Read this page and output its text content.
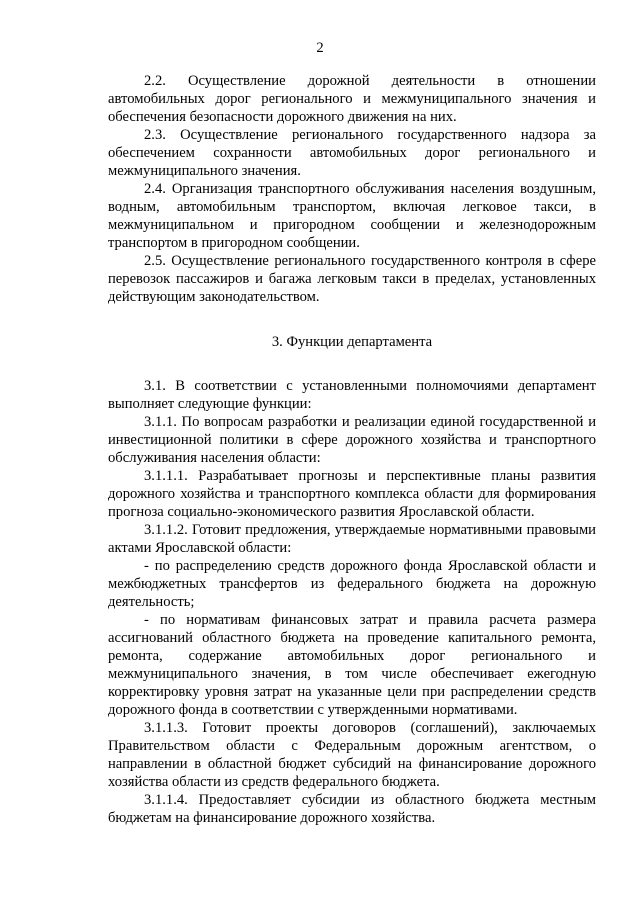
2

2.2. Осуществление дорожной деятельности в отношении автомобильных дорог регионального и межмуниципального значения и обеспечения безопасности дорожного движения на них.

2.3. Осуществление регионального государственного надзора за обеспечением сохранности автомобильных дорог регионального и межмуниципального значения.

2.4. Организация транспортного обслуживания населения воздушным, водным, автомобильным транспортом, включая легковое такси, в межмуниципальном и пригородном сообщении и железнодорожным транспортом в пригородном сообщении.

2.5. Осуществление регионального государственного контроля в сфере перевозок пассажиров и багажа легковым такси в пределах, установленных действующим законодательством.

3. Функции департамента

3.1. В соответствии с установленными полномочиями департамент выполняет следующие функции:

3.1.1. По вопросам разработки и реализации единой государственной и инвестиционной политики в сфере дорожного хозяйства и транспортного обслуживания населения области:

3.1.1.1. Разрабатывает прогнозы и перспективные планы развития дорожного хозяйства и транспортного комплекса области для формирования прогноза социально-экономического развития Ярославской области.

3.1.1.2. Готовит предложения, утверждаемые нормативными правовыми актами Ярославской области:

- по распределению средств дорожного фонда Ярославской области и межбюджетных трансфертов из федерального бюджета на дорожную деятельность;

- по нормативам финансовых затрат и правила расчета размера ассигнований областного бюджета на проведение капитального ремонта, ремонта, содержание автомобильных дорог регионального и межмуниципального значения, в том числе обеспечивает ежегодную корректировку уровня затрат на указанные цели при распределении средств дорожного фонда в соответствии с утвержденными нормативами.

3.1.1.3. Готовит проекты договоров (соглашений), заключаемых Правительством области с Федеральным дорожным агентством, о направлении в областной бюджет субсидий на финансирование дорожного хозяйства области из средств федерального бюджета.

3.1.1.4. Предоставляет субсидии из областного бюджета местным бюджетам на финансирование дорожного хозяйства.
